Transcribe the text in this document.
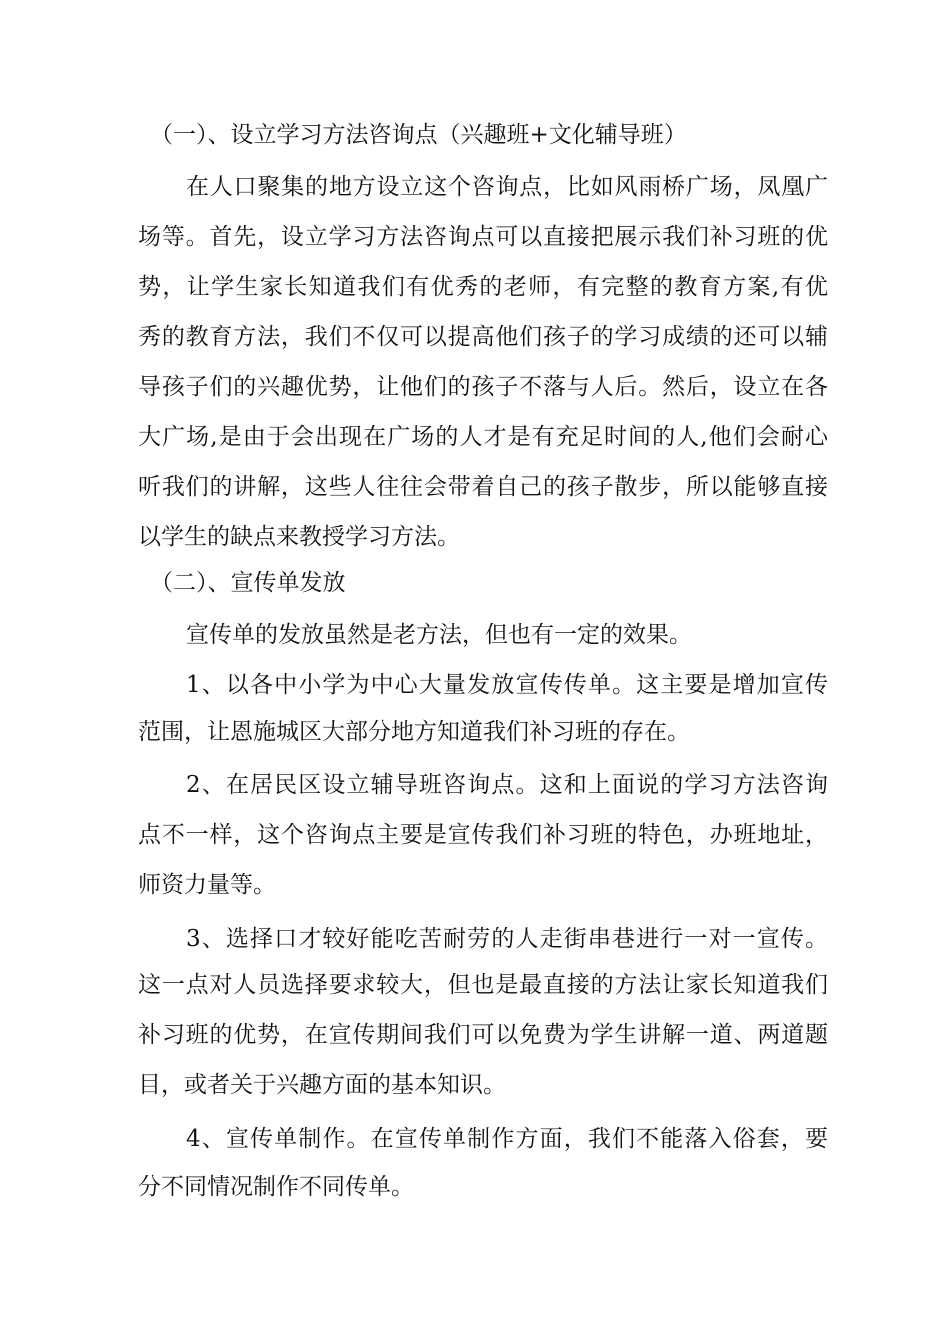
（一）、设立学习方法咨询点（兴趣班+文化辅导班）
在人口聚集的地方设立这个咨询点，比如风雨桥广场，凤凰广
场等。首先，设立学习方法咨询点可以直接把展示我们补习班的优
势，让学生家长知道我们有优秀的老师，有完整的教育方案,有优
秀的教育方法，我们不仅可以提高他们孩子的学习成绩的还可以辅
导孩子们的兴趣优势，让他们的孩子不落与人后。然后，设立在各
大广场,是由于会出现在广场的人才是有充足时间的人,他们会耐心
听我们的讲解，这些人往往会带着自己的孩子散步，所以能够直接
以学生的缺点来教授学习方法。
（二）、宣传单发放
宣传单的发放虽然是老方法，但也有一定的效果。
1、以各中小学为中心大量发放宣传传单。这主要是增加宣传
范围，让恩施城区大部分地方知道我们补习班的存在。
2、在居民区设立辅导班咨询点。这和上面说的学习方法咨询
点不一样，这个咨询点主要是宣传我们补习班的特色，办班地址，
师资力量等。
3、选择口才较好能吃苦耐劳的人走街串巷进行一对一宣传。
这一点对人员选择要求较大，但也是最直接的方法让家长知道我们
补习班的优势，在宣传期间我们可以免费为学生讲解一道、两道题
目，或者关于兴趣方面的基本知识。
4、宣传单制作。在宣传单制作方面，我们不能落入俗套，要
分不同情况制作不同传单。
